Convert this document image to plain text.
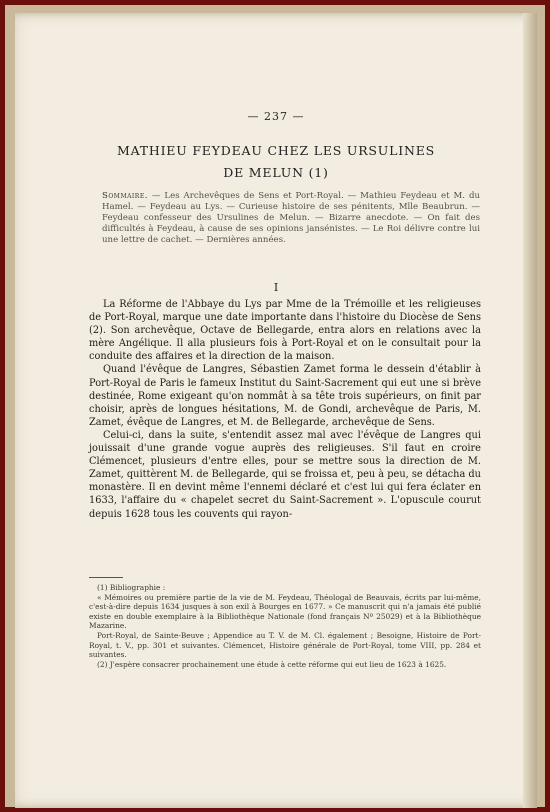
— 237 —
MATHIEU FEYDEAU CHEZ LES URSULINES
DE MELUN (1)
Sommaire. — Les Archevêques de Sens et Port-Royal. — Mathieu Feydeau et M. du Hamel. — Feydeau au Lys. — Curieuse histoire de ses pénitents, Mlle Beaubrun. — Feydeau confesseur des Ursulines de Melun. — Bizarre anecdote. — On fait des difficultés à Feydeau, à cause de ses opinions jansénistes. — Le Roi délivre contre lui une lettre de cachet. — Dernières années.
I

La Réforme de l'Abbaye du Lys par Mme de la Trémoille et les religieuses de Port-Royal, marque une date importante dans l'histoire du Diocèse de Sens (2). Son archevêque, Octave de Bellegarde, entra alors en relations avec la mère Angélique. Il alla plusieurs fois à Port-Royal et on le consultait pour la conduite des affaires et la direction de la maison.

Quand l'évêque de Langres, Sébastien Zamet forma le dessein d'établir à Port-Royal de Paris le fameux Institut du Saint-Sacrement qui eut une si brève destinée, Rome exigeant qu'on nommât à sa tête trois supérieurs, on finit par choisir, après de longues hésitations, M. de Gondi, archevêque de Paris, M. Zamet, évêque de Langres, et M. de Bellegarde, archevêque de Sens.

Celui-ci, dans la suite, s'entendit assez mal avec l'évêque de Langres qui jouissait d'une grande vogue auprès des religieuses. S'il faut en croire Clémencet, plusieurs d'entre elles, pour se mettre sous la direction de M. Zamet, quittèrent M. de Bellegarde, qui se froissa et, peu à peu, se détacha du monastère. Il en devint même l'ennemi déclaré et c'est lui qui fera éclater en 1633, l'affaire du « chapelet secret du Saint-Sacrement ». L'opuscule courut depuis 1628 tous les couvents qui rayon-

(1) Bibliographie :

« Mémoires ou première partie de la vie de M. Feydeau, Théologal de Beauvais, écrits par lui-même, c'est-à-dire depuis 1634 jusques à son exil à Bourges en 1677. » Ce manuscrit qui n'a jamais été publié existe en double exemplaire à la Bibliothèque Nationale (fond français Nº 25029) et à la Bibliothèque Mazarine.

Port-Royal, de Sainte-Beuve ; Appendice au T. V. de M. Cl. également ; Besoigne, Histoire de Port-Royal, t. V., pp. 301 et suivantes. Clémencet, Histoire générale de Port-Royal, tome VIII, pp. 284 et suivantes.

(2) J'espère consacrer prochainement une étude à cette réforme qui eut lieu de 1623 à 1625.
